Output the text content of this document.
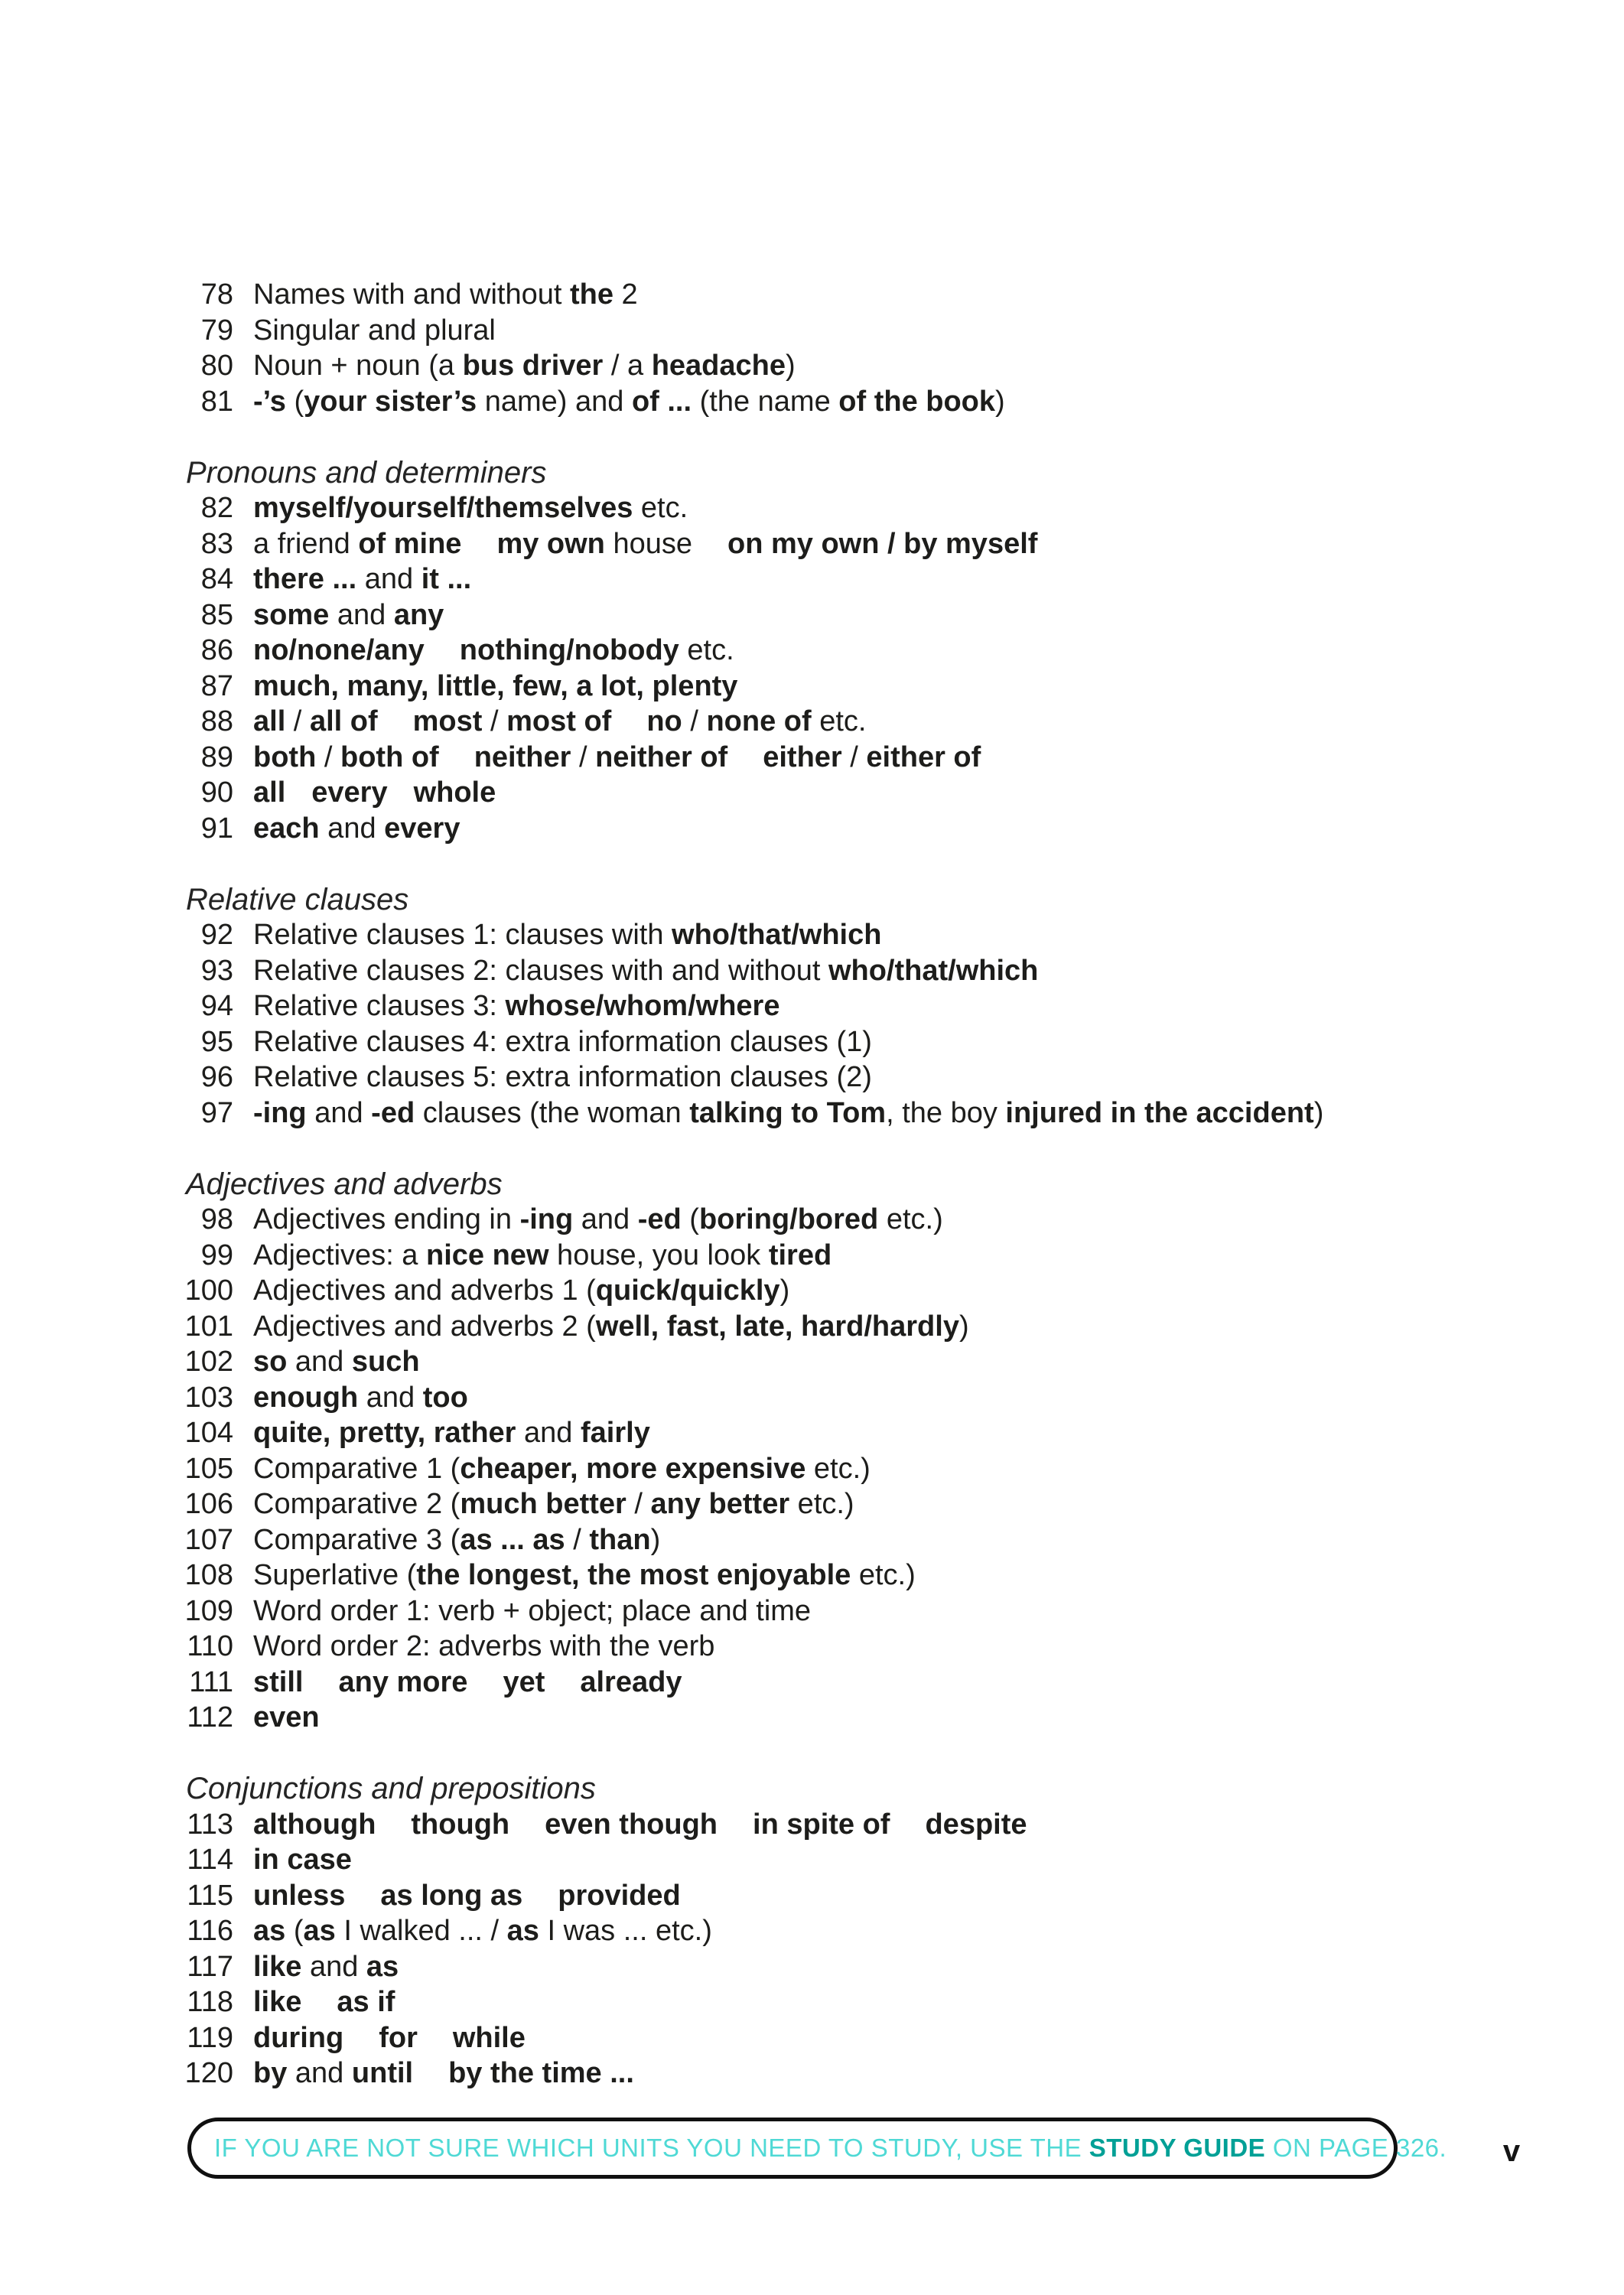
78 Names with and without the 2
79 Singular and plural
80 Noun + noun (a bus driver / a headache)
81 -’s (your sister’s name) and of ... (the name of the book)
Pronouns and determiners
82 myself/yourself/themselves etc.
83 a friend of mine my own house on my own / by myself
84 there ... and it ...
85 some and any
86 no/none/any nothing/nobody etc.
87 much, many, little, few, a lot, plenty
88 all / all of most / most of no / none of etc.
89 both / both of neither / neither of either / either of
90 all every whole
91 each and every
Relative clauses
92 Relative clauses 1: clauses with who/that/which
93 Relative clauses 2: clauses with and without who/that/which
94 Relative clauses 3: whose/whom/where
95 Relative clauses 4: extra information clauses (1)
96 Relative clauses 5: extra information clauses (2)
97 -ing and -ed clauses (the woman talking to Tom, the boy injured in the accident)
Adjectives and adverbs
98 Adjectives ending in -ing and -ed (boring/bored etc.)
99 Adjectives: a nice new house, you look tired
100 Adjectives and adverbs 1 (quick/quickly)
101 Adjectives and adverbs 2 (well, fast, late, hard/hardly)
102 so and such
103 enough and too
104 quite, pretty, rather and fairly
105 Comparative 1 (cheaper, more expensive etc.)
106 Comparative 2 (much better / any better etc.)
107 Comparative 3 (as ... as / than)
108 Superlative (the longest, the most enjoyable etc.)
109 Word order 1: verb + object; place and time
110 Word order 2: adverbs with the verb
111 still any more yet already
112 even
Conjunctions and prepositions
113 although though even though in spite of despite
114 in case
115 unless as long as provided
116 as (as I walked ... / as I was ... etc.)
117 like and as
118 like as if
119 during for while
120 by and until by the time ...
IF YOU ARE NOT SURE WHICH UNITS YOU NEED TO STUDY, USE THE STUDY GUIDE ON PAGE 326.	v
